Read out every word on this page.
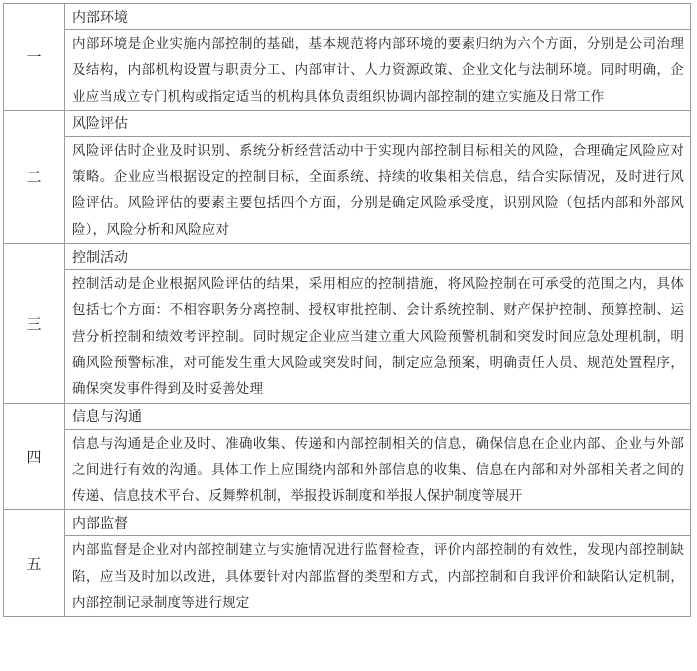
一	内部环境
	内部环境是企业实施内部控制的基础，基本规范将内部环境的要素归纳为六个方面，分别是公司治理及结构，内部机构设置与职责分工、内部审计、人力资源政策、企业文化与法制环境。同时明确，企业应当成立专门机构或指定适当的机构具体负责组织协调内部控制的建立实施及日常工作
二	风险评估
	风险评估时企业及时识别、系统分析经营活动中于实现内部控制目标相关的风险，合理确定风险应对策略。企业应当根据设定的控制目标，全面系统、持续的收集相关信息，结合实际情况，及时进行风险评估。风险评估的要素主要包括四个方面，分别是确定风险承受度，识别风险（包括内部和外部风险），风险分析和风险应对
三	控制活动
	控制活动是企业根据风险评估的结果，采用相应的控制措施，将风险控制在可承受的范围之内，具体包括七个方面：不相容职务分离控制、授权审批控制、会计系统控制、财产保护控制、预算控制、运营分析控制和绩效考评控制。同时规定企业应当建立重大风险预警机制和突发时间应急处理机制，明确风险预警标准，对可能发生重大风险或突发时间，制定应急预案，明确责任人员、规范处置程序，确保突发事件得到及时妥善处理
四	信息与沟通
	信息与沟通是企业及时、准确收集、传递和内部控制相关的信息，确保信息在企业内部、企业与外部之间进行有效的沟通。具体工作上应围绕内部和外部信息的收集、信息在内部和对外部相关者之间的传递、信息技术平台、反舞弊机制，举报投诉制度和举报人保护制度等展开
五	内部监督
	内部监督是企业对内部控制建立与实施情况进行监督检查，评价内部控制的有效性，发现内部控制缺陷，应当及时加以改进，具体要针对内部监督的类型和方式，内部控制和自我评价和缺陷认定机制，内部控制记录制度等进行规定
